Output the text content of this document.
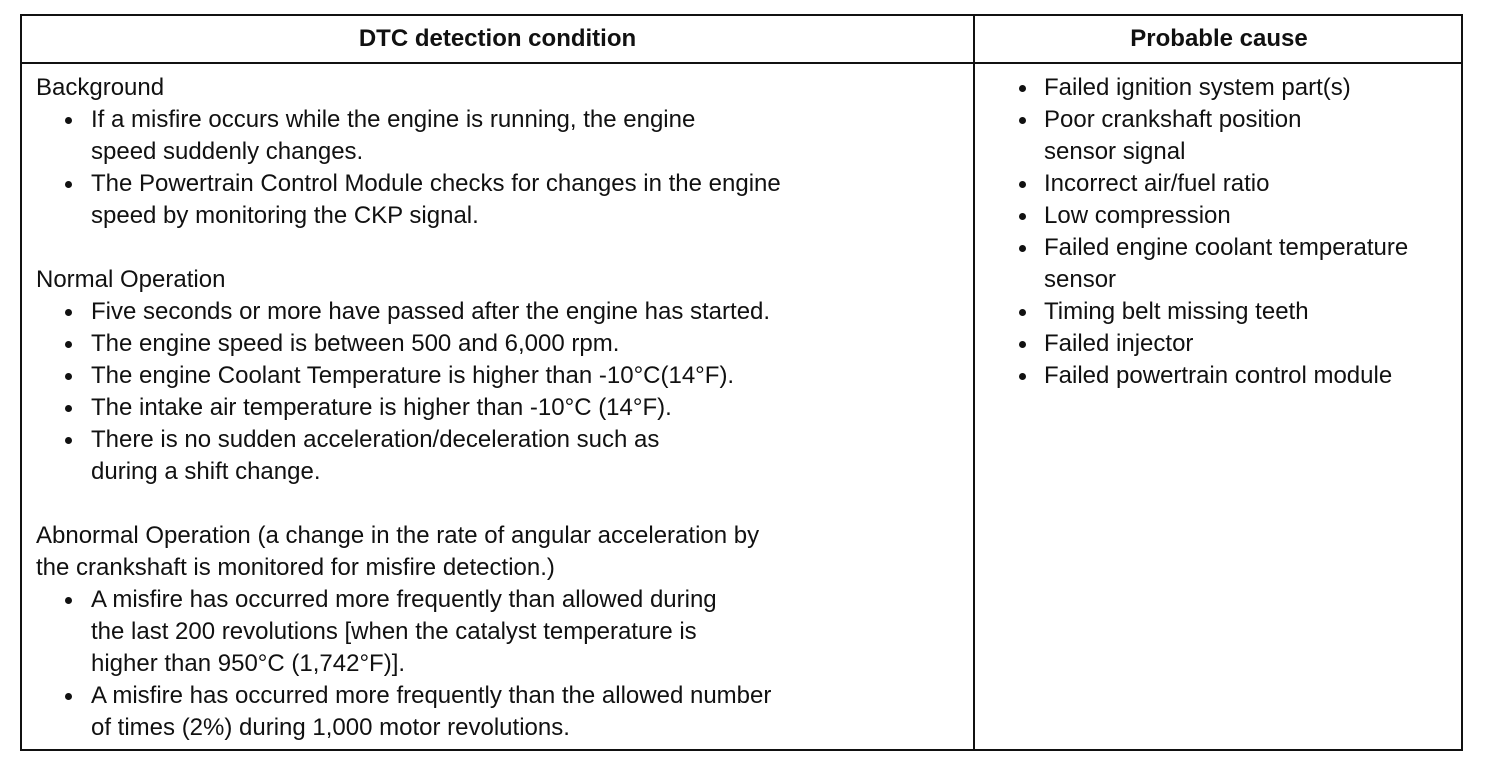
DTC detection condition	Probable cause
Background
If a misfire occurs while the engine is running, the engine
speed suddenly changes.
The Powertrain Control Module checks for changes in the engine
speed by monitoring the CKP signal.
Normal Operation
Five seconds or more have passed after the engine has started.
The engine speed is between 500 and 6,000 rpm.
The engine Coolant Temperature is higher than -10°C(14°F).
The intake air temperature is higher than -10°C (14°F).
There is no sudden acceleration/deceleration such as
during a shift change.
Abnormal Operation (a change in the rate of angular acceleration by
the crankshaft is monitored for misfire detection.)
A misfire has occurred more frequently than allowed during
the last 200 revolutions [when the catalyst temperature is
higher than 950°C (1,742°F)].
A misfire has occurred more frequently than the allowed number
of times (2%) during 1,000 motor revolutions.
Failed ignition system part(s)
Poor crankshaft position
sensor signal
Incorrect air/fuel ratio
Low compression
Failed engine coolant temperature
sensor
Timing belt missing teeth
Failed injector
Failed powertrain control module
